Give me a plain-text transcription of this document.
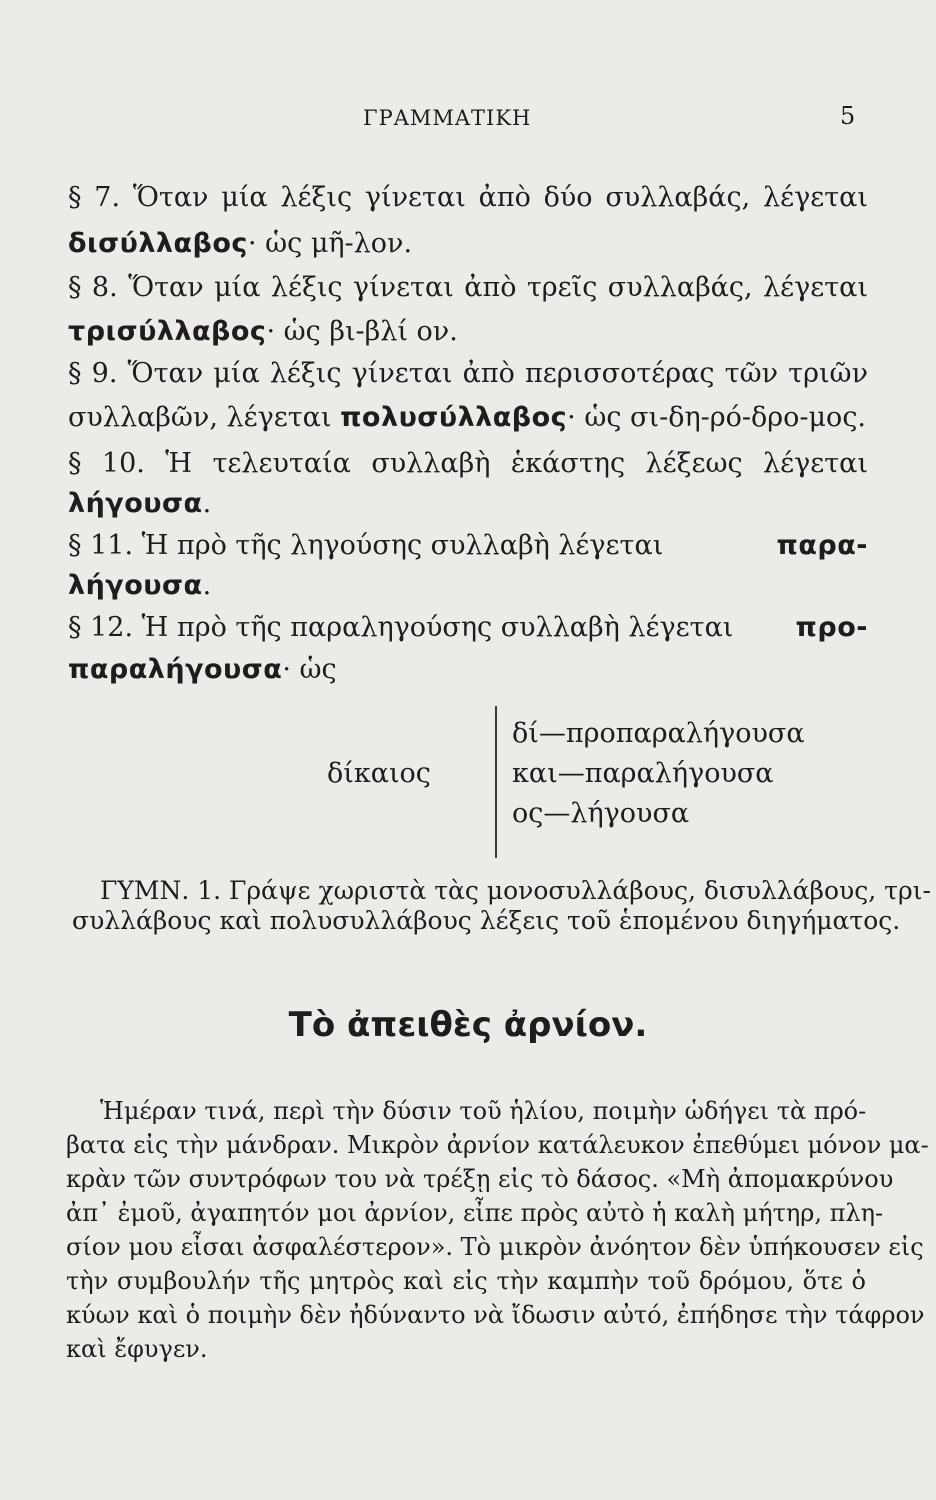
ΓΡΑΜΜΑΤΙΚΗ	5
§ 7. Ὅταν μία λέξις γίνεται ἀπὸ δύο συλλαβάς, λέγεται
δισύλλαβος· ὡς μῆ-λον.
§ 8. Ὅταν μία λέξις γίνεται ἀπὸ τρεῖς συλλαβάς, λέγεται
τρισύλλαβος· ὡς βι-βλί ον.
§ 9. Ὅταν μία λέξις γίνεται ἀπὸ περισσοτέρας τῶν τριῶν
συλλαβῶν, λέγεται πολυσύλλαβος· ὡς σι-δη-ρό-δρο-μος.
§ 10. Ἡ τελευταία συλλαβὴ ἑκάστης λέξεως λέγεται
λήγουσα.
§ 11. Ἡ πρὸ τῆς ληγούσης συλλαβὴ λέγεται	παρα-
λήγουσα.
§ 12. Ἡ πρὸ τῆς παραληγούσης συλλαβὴ λέγεται προ-
παραλήγουσα· ὡς
δίκαιος
δί—προπαραλήγουσα
και—παραλήγουσα
ος—λήγουσα
ΓΥΜΝ. 1. Γράψε χωριστὰ τὰς μονοσυλλάβους, δισυλλάβους, τρι-
συλλάβους καὶ πολυσυλλάβους λέξεις τοῦ ἑπομένου διηγήματος.
Τὸ ἀπειθὲς ἀρνίον.
Ἡμέραν τινά, περὶ τὴν δύσιν τοῦ ἡλίου, ποιμὴν ὡδήγει τὰ πρό-
βατα εἰς τὴν μάνδραν. Μικρὸν ἀρνίον κατάλευκον ἐπεθύμει μόνον μα-
κρὰν τῶν συντρόφων του νὰ τρέξῃ εἰς τὸ δάσος. «Μὴ ἀπομακρύνου
ἀπ᾽ ἐμοῦ, ἀγαπητόν μοι ἀρνίον, εἶπε πρὸς αὐτὸ ἡ καλὴ μήτηρ, πλη-
σίον μου εἶσαι ἀσφαλέστερον». Τὸ μικρὸν ἀνόητον δὲν ὑπήκουσεν εἰς
τὴν συμβουλήν τῆς μητρὸς καὶ εἰς τὴν καμπὴν τοῦ δρόμου, ὅτε ὁ
κύων καὶ ὁ ποιμὴν δὲν ἠδύναντο νὰ ἴδωσιν αὐτό, ἐπήδησε τὴν τάφρον
καὶ ἔφυγεν.
